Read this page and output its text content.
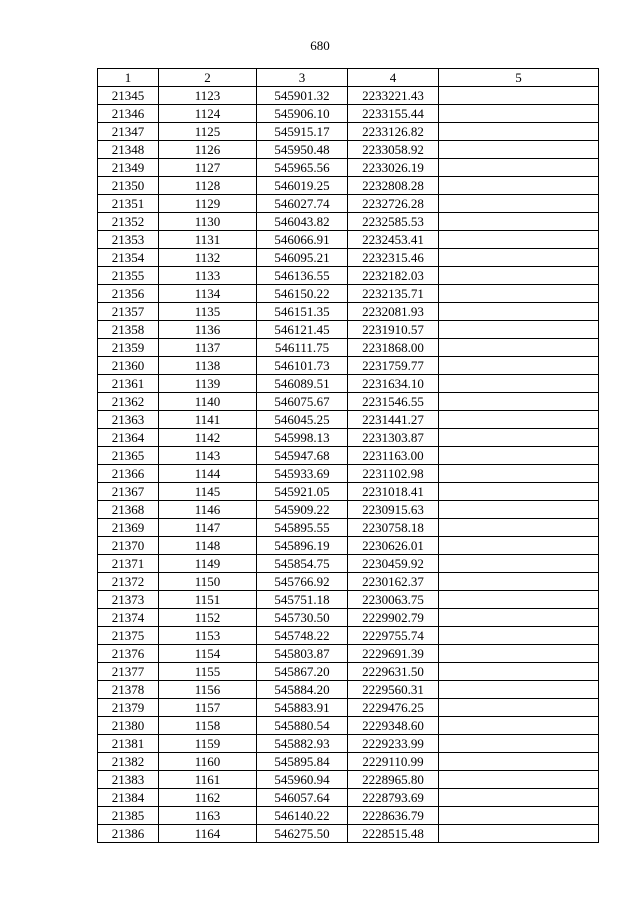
680
1	2	3	4	5
21345	1123	545901.32	2233221.43	
21346	1124	545906.10	2233155.44	
21347	1125	545915.17	2233126.82	
21348	1126	545950.48	2233058.92	
21349	1127	545965.56	2233026.19	
21350	1128	546019.25	2232808.28	
21351	1129	546027.74	2232726.28	
21352	1130	546043.82	2232585.53	
21353	1131	546066.91	2232453.41	
21354	1132	546095.21	2232315.46	
21355	1133	546136.55	2232182.03	
21356	1134	546150.22	2232135.71	
21357	1135	546151.35	2232081.93	
21358	1136	546121.45	2231910.57	
21359	1137	546111.75	2231868.00	
21360	1138	546101.73	2231759.77	
21361	1139	546089.51	2231634.10	
21362	1140	546075.67	2231546.55	
21363	1141	546045.25	2231441.27	
21364	1142	545998.13	2231303.87	
21365	1143	545947.68	2231163.00	
21366	1144	545933.69	2231102.98	
21367	1145	545921.05	2231018.41	
21368	1146	545909.22	2230915.63	
21369	1147	545895.55	2230758.18	
21370	1148	545896.19	2230626.01	
21371	1149	545854.75	2230459.92	
21372	1150	545766.92	2230162.37	
21373	1151	545751.18	2230063.75	
21374	1152	545730.50	2229902.79	
21375	1153	545748.22	2229755.74	
21376	1154	545803.87	2229691.39	
21377	1155	545867.20	2229631.50	
21378	1156	545884.20	2229560.31	
21379	1157	545883.91	2229476.25	
21380	1158	545880.54	2229348.60	
21381	1159	545882.93	2229233.99	
21382	1160	545895.84	2229110.99	
21383	1161	545960.94	2228965.80	
21384	1162	546057.64	2228793.69	
21385	1163	546140.22	2228636.79	
21386	1164	546275.50	2228515.48	
